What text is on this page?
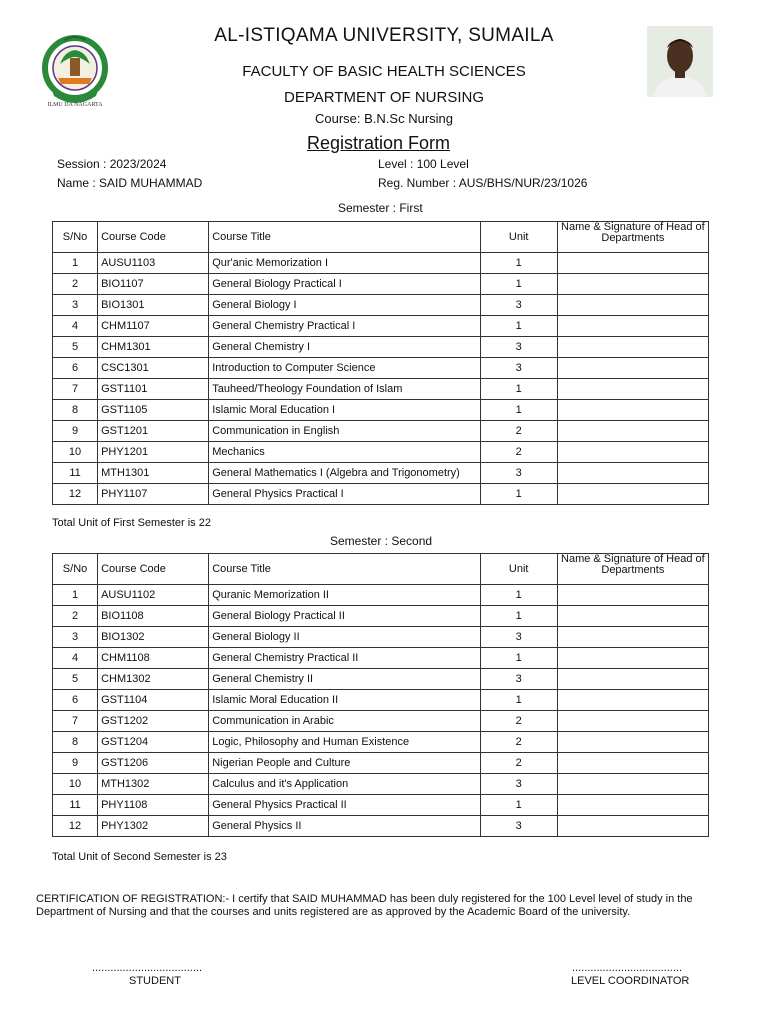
ILMU DA NAGARTA
AL-ISTIQAMA UNIVERSITY, SUMAILA
FACULTY OF BASIC HEALTH SCIENCES
DEPARTMENT OF NURSING
Course: B.N.Sc Nursing
Registration Form
Session : 2023/2024	Level : 100 Level
Name : SAID MUHAMMAD	Reg. Number : AUS/BHS/NUR/23/1026
Semester : First
S/No	Course Code	Course Title	Unit	Name & Signature of Head of Departments
1	AUSU1103	Qur'anic Memorization I	1	
2	BIO1107	General Biology Practical I	1	
3	BIO1301	General Biology I	3	
4	CHM1107	General Chemistry Practical I	1	
5	CHM1301	General Chemistry I	3	
6	CSC1301	Introduction to Computer Science	3	
7	GST1101	Tauheed/Theology Foundation of Islam	1	
8	GST1105	Islamic Moral Education I	1	
9	GST1201	Communication in English	2	
10	PHY1201	Mechanics	2	
11	MTH1301	General Mathematics I (Algebra and Trigonometry)	3	
12	PHY1107	General Physics Practical I	1	
Total Unit of First Semester is 22
Semester : Second
S/No	Course Code	Course Title	Unit	Name & Signature of Head of Departments
1	AUSU1102	Quranic Memorization II	1	
2	BIO1108	General Biology Practical II	1	
3	BIO1302	General Biology II	3	
4	CHM1108	General Chemistry Practical II	1	
5	CHM1302	General Chemistry II	3	
6	GST1104	Islamic Moral Education II	1	
7	GST1202	Communication in Arabic	2	
8	GST1204	Logic, Philosophy and Human Existence	2	
9	GST1206	Nigerian People and Culture	2	
10	MTH1302	Calculus and it's Application	3	
11	PHY1108	General Physics Practical II	1	
12	PHY1302	General Physics II	3	
Total Unit of Second Semester is 23
CERTIFICATION OF REGISTRATION:- I certify that SAID MUHAMMAD has been duly registered for the 100 Level level of study in the Department of Nursing and that the courses and units registered are as approved by the Academic Board of the university.
....................................
STUDENT
....................................
LEVEL COORDINATOR
